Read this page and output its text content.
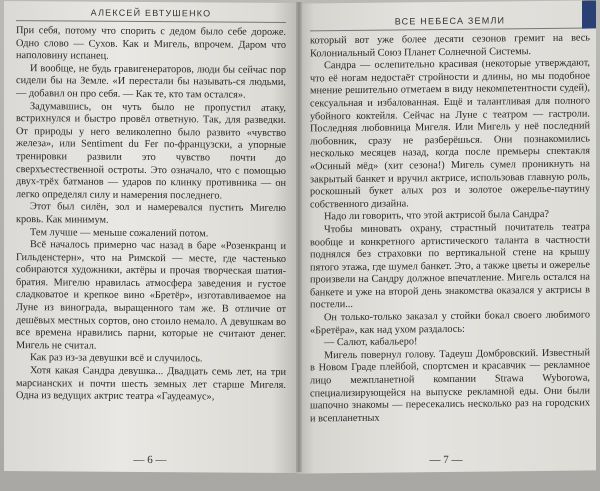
АЛЕКСЕЙ ЕВТУШЕНКО

При себя, потому что спорить с дедом было себе дороже. Одно слово — Сухов. Как и Мигель, впрочем. Даром что наполовину испанец.

И вообще, не будь гравигенераторов, люди бы сейчас пор сидели бы на Земле. «И перестали бы называть-ся людьми, — добавил он про себя. — Как те, кто там остался».

Задумавшись, он чуть было не пропустил атаку, встрихнулся и быстро провёл ответную. Так, для разведки. От природы у него великолепно было развито «чувство железа», или Sentiment du Fer по-французски, а упорные тренировки развили это чувство почти до сверхъестественной остроты. Это означало, что с помощью двух-трёх батманов — ударов по клинку противника — он легко определял силу и намерения последнего.

Этот был силён, зол и намеревался пустить Мигелю кровь. Как минимум.

Тем лучше — меньше сожалений потом.

Всё началось примерно час назад в баре «Розенкранц и Гильденстерн», что на Римской — месте, где частенько собираются художники, актёры и прочая творческая шатия-братия. Мигелю нравилась атмосфера заведения и густое сладковатое и крепкое вино «Бретёр», изготавливаемое на Луне из винограда, выращенного там же. В отличие от дешёвых местных сортов, оно стоило немало. А девушкам во все времена нравились парни, которые не считают денег. Мигель не считал.

Как раз из-за девушки всё и случилось.

Хотя какая Сандра девушка... Двадцать семь лет, на три марсианских и почти шесть земных лет старше Мигеля. Одна из ведущих актрис театра «Гаудеамус»,

— 6 —
ВСЕ НЕБЕСА ЗЕМЛИ

который вот уже более десяти сезонов гремит на весь Колониальный Союз Планет Солнечной Системы.

Сандра — ослепительно красивая (некоторые утверждают, что её ногам недостаёт стройности и длины, но мы подобное мнение решительно отметаем в виду некомпетентности судей), сексуальная и избалованная. Ещё и талантливая для полного убойного коктейля. Сейчас на Луне с театром — гастроли. Последняя любовница Мигеля. Или Мигель у неё последний любовник, сразу не разберёшься. Они познакомились несколько месяцев назад, когда после премьеры спектакля «Осиный мёд» (хит сезона!) Мигель сумел проникнуть на закрытый банкет и вручил актрисе, использовав главную роль, роскошный букет алых роз и золотое ожерелье-паутину собственного дизайна.

Надо ли говорить, что этой актрисой была Сандра?

Чтобы миновать охрану, страстный почитатель театра вообще и конкретного артистического таланта в частности поднялся без страховки по вертикальной стене на крышу пятого этажа, где шумел банкет. Это, а также цветы и ожерелье произвели на Сандру должное впечатление. Мигель остался на банкете и уже на второй день знакомства оказался у актрисы в постели...

Он только-только заказал у стойки бокал своего любимого «Бретёра», как над ухом раздалось:

— Салют, кабальеро!

Мигель повернул голову. Тадеуш Домбровский. Известный в Новом Граде плейбой, спортсмен и красавчик — рекламное лицо межпланетной компании Strawa Wyborowa, специализирующейся на выпуске рекламной еды. Они были шапочно знакомы — пересекались несколько раз на городских и всепланетных

— 7 —
